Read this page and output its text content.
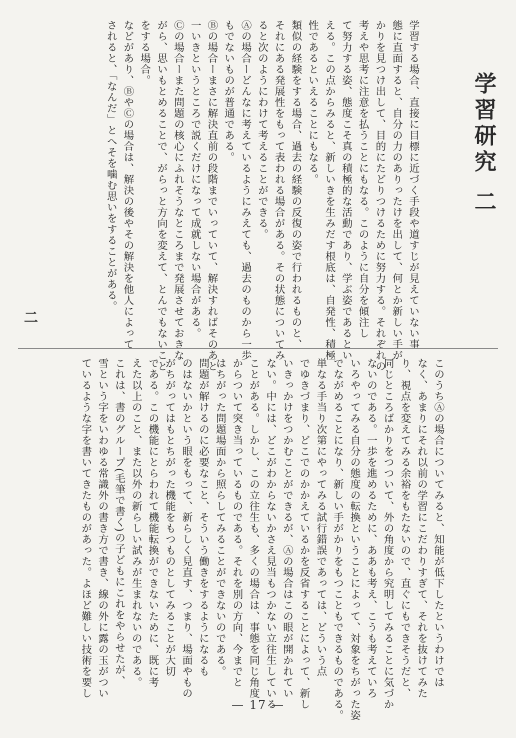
学習研究二
学習する場合、直接に目標に近づく手段や道すじが見えていない事
態に直面すると、自分の力のありったけを出して、何とか新しい手が
かりを見つけ出して、目的にたどりつけるために努力する。それぞれの
考えや思考に注意を払うことにもなる。このように自分を傾注し
て努力する姿、態度こそ真の積極的な活動であり、学ぶ姿であるとい
える。この点からみると、新しいきを生みだす根底は、自発性、積極
性であるといえることにもなる。
類似の経験をする場合、過去の経験の反復の姿で行われるものと、
それにある発展性をもって表われる場合がある。その状態についてみ
ると次のようにわけて考えることができる。
Ⓐの場合ーどんなに考えているようにみえても、過去のものから一歩
もでないものが普通である。
Ⓑの場合ーまさに解決直前の段階までいっていて、解決すればそのあと
一いきというところで説くだけになって成就しない場合がある。
Ⓒの場合ーまた問題の核心にふれそうなところまで発展させておきな
がら、思いもとめることで、がらっと方向を変えて、とんでもないこと
をする場合。
などがあり、ⒷやⒸの場合は、解決の後やその解決を他人によって
されると、「なんだ」とへそを噛む思いをすることがある。
二
このうちⒶの場合についてみると、知能が低下したというわけでは
なく、あまりにそれ以前の学習にこだわりすぎて、それを抜けてみた
り、視点を変えてみる余裕をもたないので、直ぐにもできそうだと、
同じところばかりをつついて、外の角度から究明してみることに気づか
ないのである。一歩を進めるために、ああも考え、こうも考えていろ
いろやってみる自分の態度の転換ということによって、対象をちがった姿
でながめることになり、新しい手がかりをもつこともできるものである。
単なる手当り次第にやってみる試行錯誤であっては、どういう点
でゆきづまり、どこでのかかえているかを反省することによって、新し
いきっかけをつかむことができるが、Ⓐの場合はこの眼が開かれてい
ない。中には、どこがわからないかさえ見当もつかない立往生している
ことがある。しかし、この立往生も、多くの場合は、事態を同じ角度
からついて突き当っているものである。それを別の方向、今までと
はちがった問題場面から照らしてみることができないのである。
問題が解けるのに必要なこと、そういう働きをするようになるも
のはないかという眼をもって、新らしく見直す、つまり、場面やもの
がちがってはもとちがった機能をもつものとしてみることが大切
である。この機能にとらわれて機能転換ができないために、既に考
えた以上のこと、また以外の新らしい試みが生まれないのである。
これは、書のグループ(毛筆で書く)の子どもにこれをやらせたが、
雪という字をいわゆる常識外の書き方で書き、線の外に露の玉がつい
ているような字を書いてきたものがあった。よほど難しい技術を要し
— 17 —
